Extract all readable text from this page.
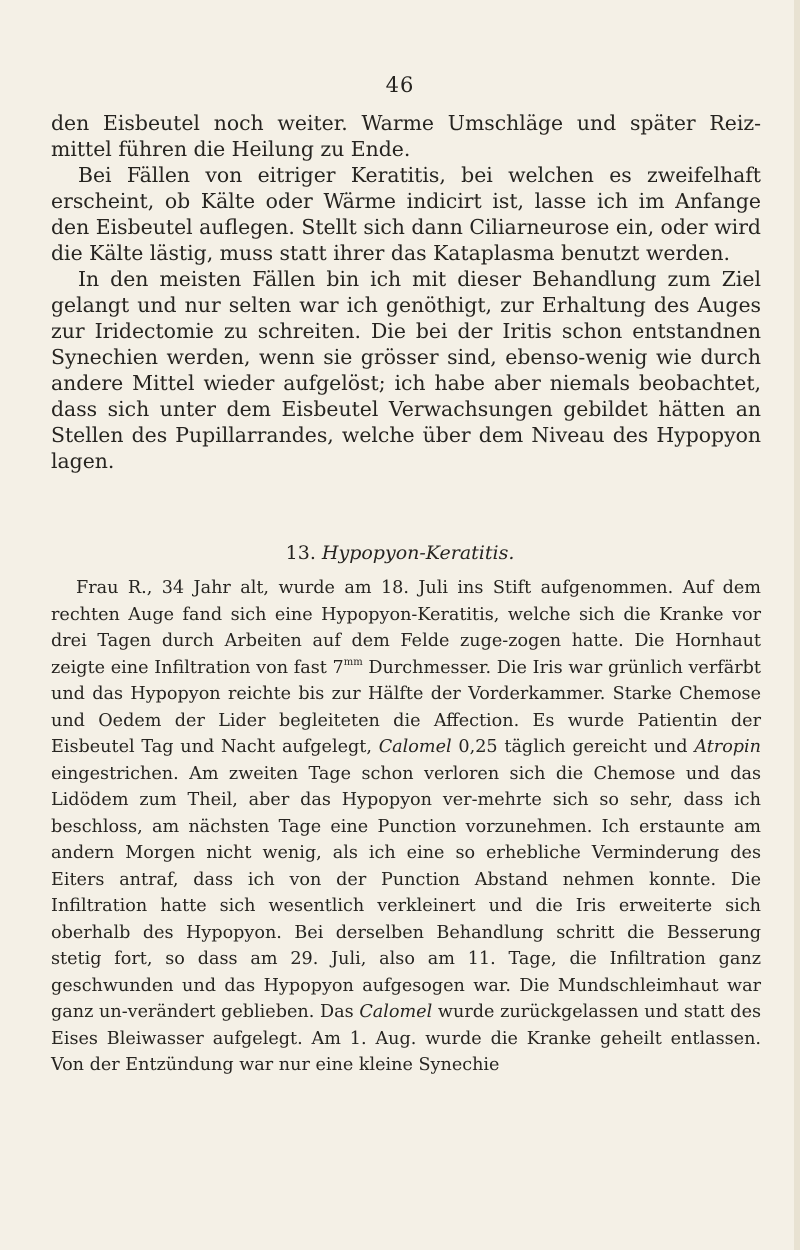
46

den Eisbeutel noch weiter. Warme Umschläge und später Reiz-mittel führen die Heilung zu Ende.

Bei Fällen von eitriger Keratitis, bei welchen es zweifelhaft erscheint, ob Kälte oder Wärme indicirt ist, lasse ich im Anfange den Eisbeutel auflegen. Stellt sich dann Ciliarneurose ein, oder wird die Kälte lästig, muss statt ihrer das Kataplasma benutzt werden.

In den meisten Fällen bin ich mit dieser Behandlung zum Ziel gelangt und nur selten war ich genöthigt, zur Erhaltung des Auges zur Iridectomie zu schreiten. Die bei der Iritis schon entstandnen Synechien werden, wenn sie grösser sind, ebenso-wenig wie durch andere Mittel wieder aufgelöst; ich habe aber niemals beobachtet, dass sich unter dem Eisbeutel Verwachsungen gebildet hätten an Stellen des Pupillarrandes, welche über dem Niveau des Hypopyon lagen.

13. Hypopyon-Keratitis.
Frau R., 34 Jahr alt, wurde am 18. Juli ins Stift aufgenommen. Auf dem rechten Auge fand sich eine Hypopyon-Keratitis, welche sich die Kranke vor drei Tagen durch Arbeiten auf dem Felde zuge-zogen hatte. Die Hornhaut zeigte eine Infiltration von fast $7^{mm}$ Durchmesser. Die Iris war grünlich verfärbt und das Hypopyon reichte bis zur Hälfte der Vorderkammer. Starke Chemose und Oedem der Lider begleiteten die Affection. Es wurde Patientin der Eisbeutel Tag und Nacht aufgelegt, Calomel 0,25 täglich gereicht und Atropin eingestrichen. Am zweiten Tage schon verloren sich die Chemose und das Lidödem zum Theil, aber das Hypopyon ver-mehrte sich so sehr, dass ich beschloss, am nächsten Tage eine Punction vorzunehmen. Ich erstaunte am andern Morgen nicht wenig, als ich eine so erhebliche Verminderung des Eiters antraf, dass ich von der Punction Abstand nehmen konnte. Die Infiltration hatte sich wesentlich verkleinert und die Iris erweiterte sich oberhalb des Hypopyon. Bei derselben Behandlung schritt die Besserung stetig fort, so dass am 29. Juli, also am 11. Tage, die Infiltration ganz geschwunden und das Hypopyon aufgesogen war. Die Mundschleimhaut war ganz un-verändert geblieben. Das Calomel wurde zurückgelassen und statt des Eises Bleiwasser aufgelegt. Am 1. Aug. wurde die Kranke geheilt entlassen. Von der Entzündung war nur eine kleine Synechie
